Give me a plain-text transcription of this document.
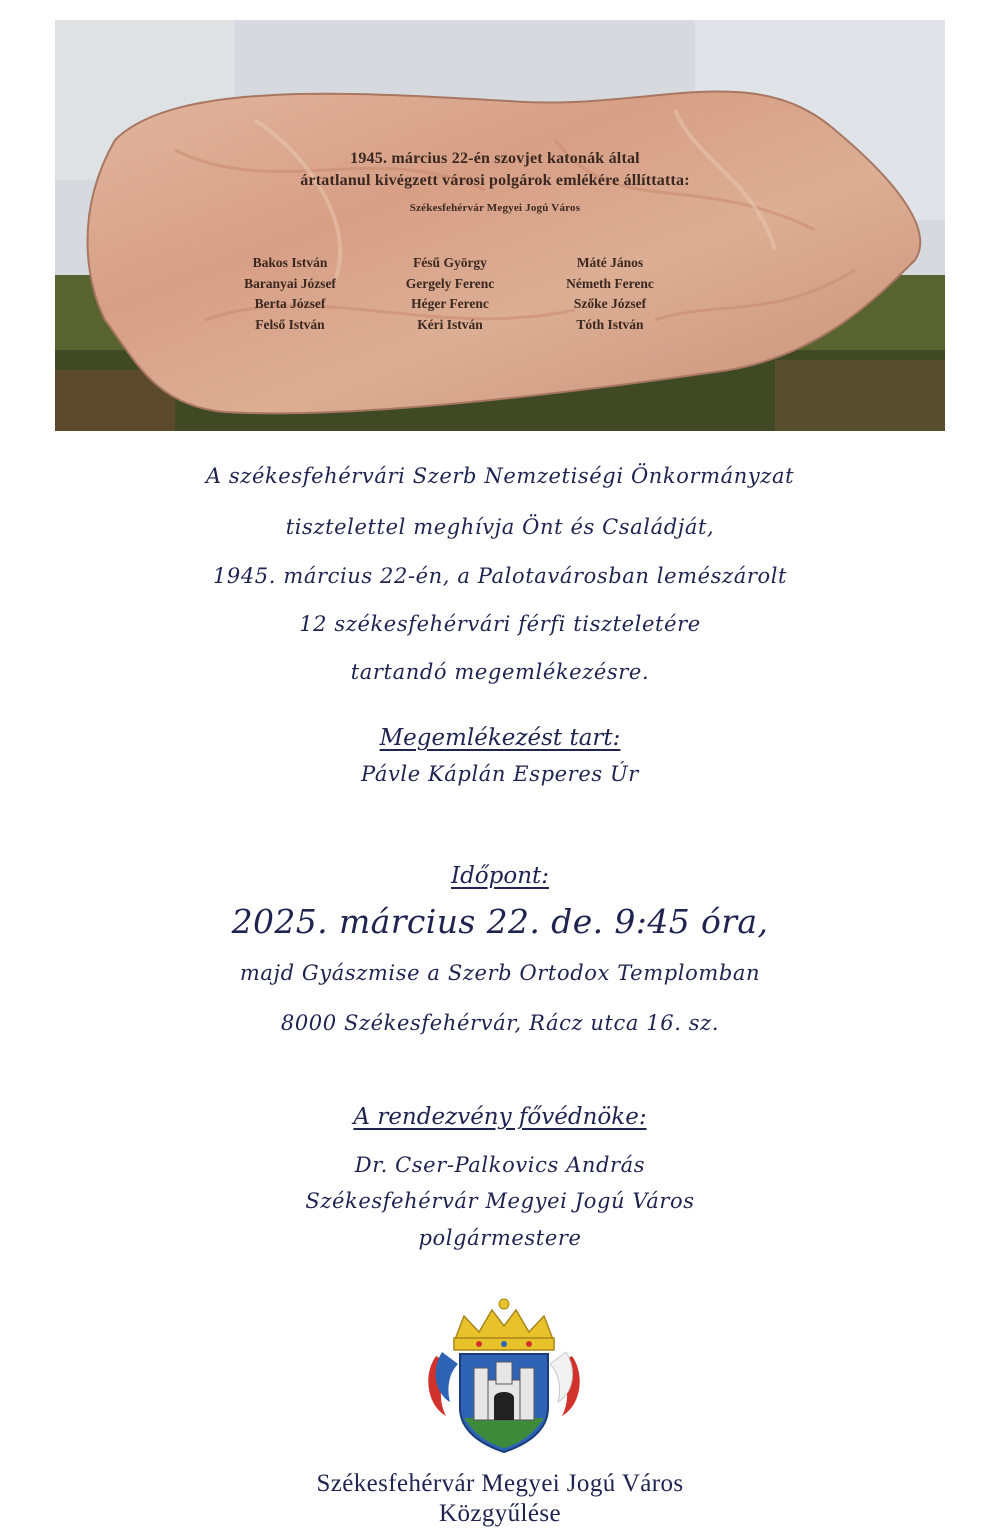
1945. március 22-én szovjet katonák által
ártatlanul kivégzett városi polgárok emlékére állíttatta:
Székesfehérvár Megyei Jogú Város
Bakos István
Baranyai József
Berta József
Felső István
Fésű György
Gergely Ferenc
Héger Ferenc
Kéri István
Máté János
Németh Ferenc
Szőke József
Tóth István
A székesfehérvári Szerb Nemzetiségi Önkormányzat
tisztelettel meghívja Önt és Családját,
1945. március 22-én, a Palotavárosban lemészárolt
12 székesfehérvári férfi tiszteletére
tartandó megemlékezésre.
Megemlékezést tart:
Pávle Káplán Esperes Úr
Időpont:
2025. március 22. de. 9:45 óra,
majd Gyászmise a Szerb Ortodox Templomban
8000 Székesfehérvár, Rácz utca 16. sz.
A rendezvény fővédnöke:
Dr. Cser-Palkovics András
Székesfehérvár Megyei Jogú Város
polgármestere
Székesfehérvár Megyei Jogú Város
Közgyűlése
